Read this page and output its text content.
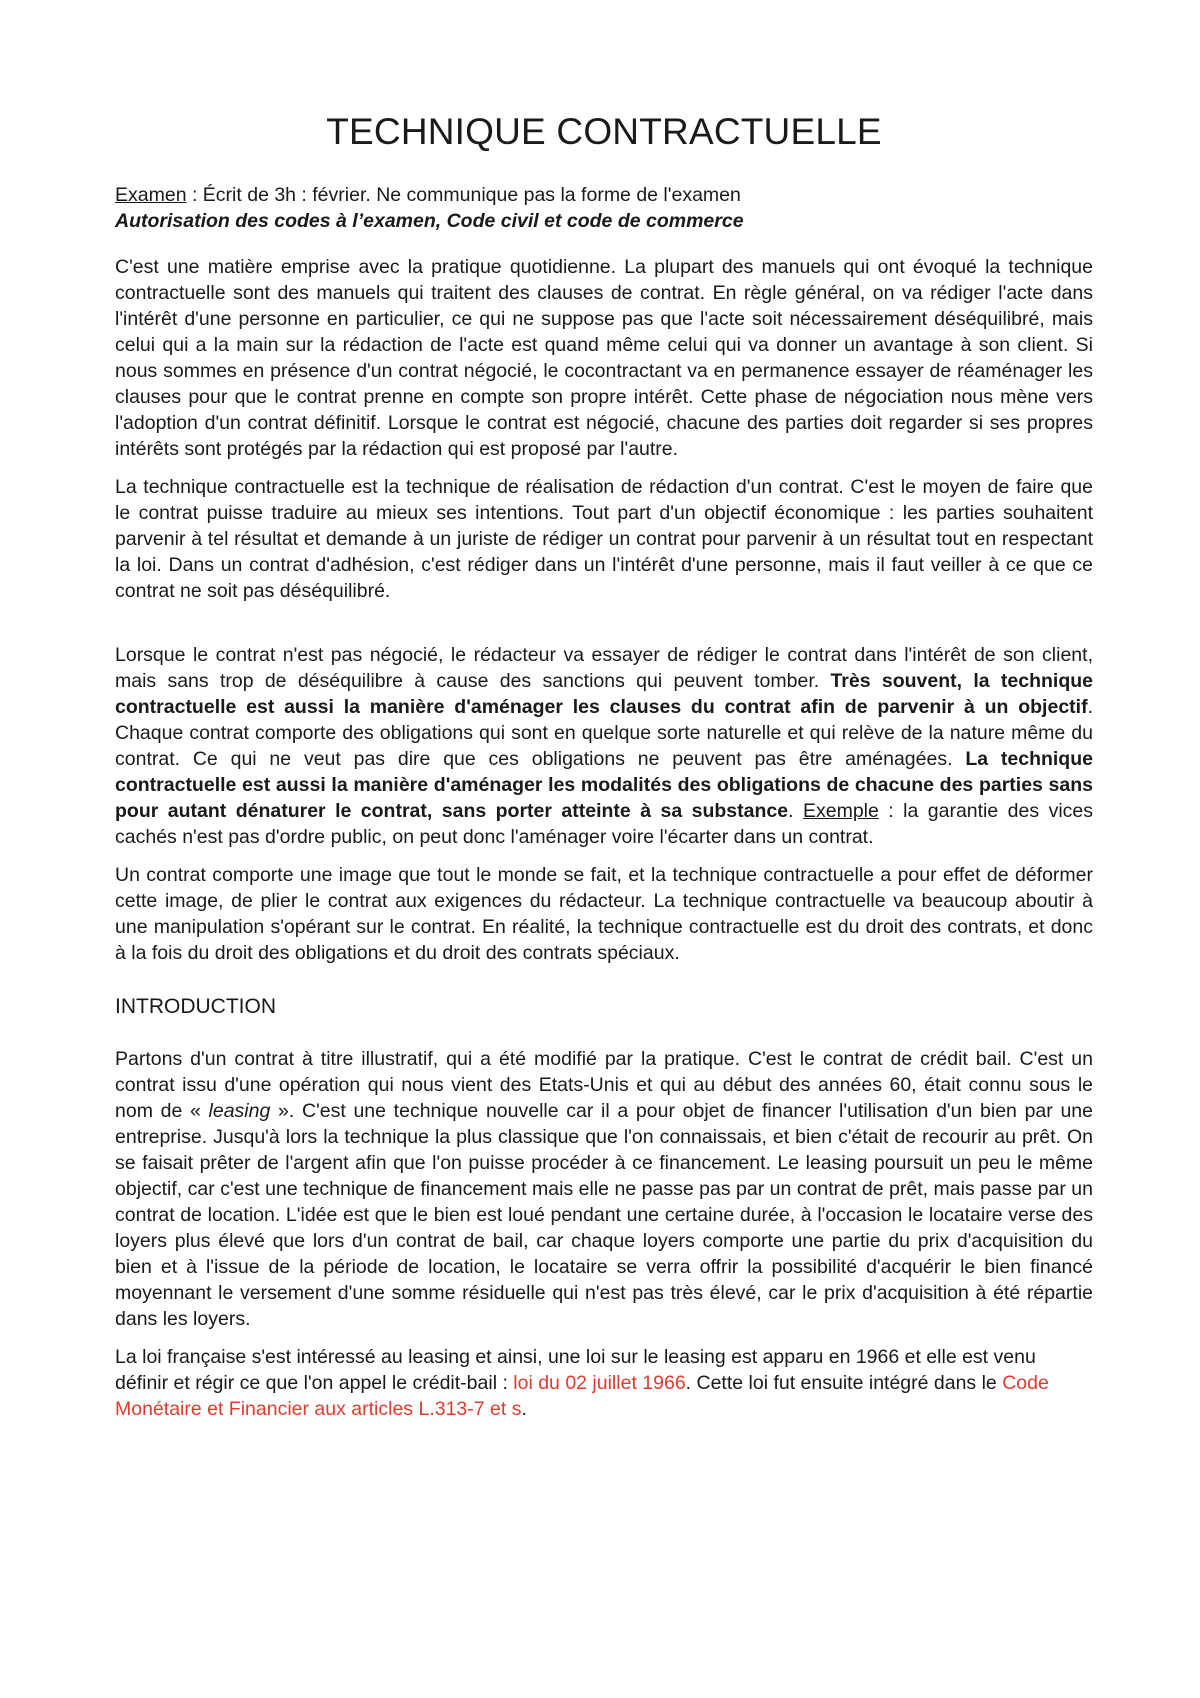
TECHNIQUE CONTRACTUELLE

Examen : Écrit de 3h : février. Ne communique pas la forme de l'examen

Autorisation des codes à l’examen, Code civil et code de commerce

C'est une matière emprise avec la pratique quotidienne. La plupart des manuels qui ont évoqué la technique contractuelle sont des manuels qui traitent des clauses de contrat. En règle général, on va rédiger l'acte dans l'intérêt d'une personne en particulier, ce qui ne suppose pas que l'acte soit nécessairement déséquilibré, mais celui qui a la main sur la rédaction de l'acte est quand même celui qui va donner un avantage à son client. Si nous sommes en présence d'un contrat négocié, le cocontractant va en permanence essayer de réaménager les clauses pour que le contrat prenne en compte son propre intérêt. Cette phase de négociation nous mène vers l'adoption d'un contrat définitif. Lorsque le contrat est négocié, chacune des parties doit regarder si ses propres intérêts sont protégés par la rédaction qui est proposé par l'autre.

La technique contractuelle est la technique de réalisation de rédaction d'un contrat. C'est le moyen de faire que le contrat puisse traduire au mieux ses intentions. Tout part d'un objectif économique : les parties souhaitent parvenir à tel résultat et demande à un juriste de rédiger un contrat pour parvenir à un résultat tout en respectant la loi. Dans un contrat d'adhésion, c'est rédiger dans un l'intérêt d'une personne, mais il faut veiller à ce que ce contrat ne soit pas déséquilibré.

Lorsque le contrat n'est pas négocié, le rédacteur va essayer de rédiger le contrat dans l'intérêt de son client, mais sans trop de déséquilibre à cause des sanctions qui peuvent tomber. Très souvent, la technique contractuelle est aussi la manière d'aménager les clauses du contrat afin de parvenir à un objectif. Chaque contrat comporte des obligations qui sont en quelque sorte naturelle et qui relève de la nature même du contrat. Ce qui ne veut pas dire que ces obligations ne peuvent pas être aménagées. La technique contractuelle est aussi la manière d'aménager les modalités des obligations de chacune des parties sans pour autant dénaturer le contrat, sans porter atteinte à sa substance. Exemple : la garantie des vices cachés n'est pas d'ordre public, on peut donc l'aménager voire l'écarter dans un contrat.

Un contrat comporte une image que tout le monde se fait, et la technique contractuelle a pour effet de déformer cette image, de plier le contrat aux exigences du rédacteur. La technique contractuelle va beaucoup aboutir à une manipulation s'opérant sur le contrat. En réalité, la technique contractuelle est du droit des contrats, et donc à la fois du droit des obligations et du droit des contrats spéciaux.

INTRODUCTION

Partons d'un contrat à titre illustratif, qui a été modifié par la pratique. C'est le contrat de crédit bail. C'est un contrat issu d'une opération qui nous vient des Etats-Unis et qui au début des années 60, était connu sous le nom de « leasing ». C'est une technique nouvelle car il a pour objet de financer l'utilisation d'un bien par une entreprise. Jusqu'à lors la technique la plus classique que l'on connaissais, et bien c'était de recourir au prêt. On se faisait prêter de l'argent afin que l'on puisse procéder à ce financement. Le leasing poursuit un peu le même objectif, car c'est une technique de financement mais elle ne passe pas par un contrat de prêt, mais passe par un contrat de location. L'idée est que le bien est loué pendant une certaine durée, à l'occasion le locataire verse des loyers plus élevé que lors d'un contrat de bail, car chaque loyers comporte une partie du prix d'acquisition du bien et à l'issue de la période de location, le locataire se verra offrir la possibilité d'acquérir le bien financé moyennant le versement d'une somme résiduelle qui n'est pas très élevé, car le prix d'acquisition à été répartie dans les loyers.

La loi française s'est intéressé au leasing et ainsi, une loi sur le leasing est apparu en 1966 et elle est venu définir et régir ce que l'on appel le crédit-bail : loi du 02 juillet 1966. Cette loi fut ensuite intégré dans le Code Monétaire et Financier aux articles L.313-7 et s.
